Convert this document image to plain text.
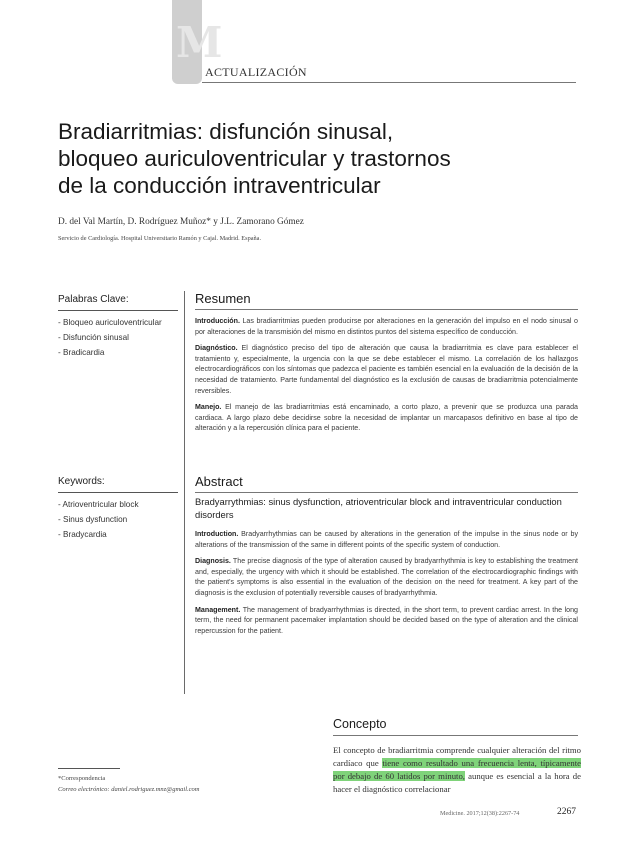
M
ACTUALIZACIÓN
Bradiarritmias: disfunción sinusal,
bloqueo auriculoventricular y trastornos
de la conducción intraventricular
D. del Val Martín, D. Rodríguez Muñoz* y J.L. Zamorano Gómez
Servicio de Cardiología. Hospital Universitario Ramón y Cajal. Madrid. España.
Palabras Clave:
- Bloqueo auriculoventricular
- Disfunción sinusal
- Bradicardia
Keywords:
- Atrioventricular block
- Sinus dysfunction
- Bradycardia
Resumen

Introducción. Las bradiarritmias pueden producirse por alteraciones en la generación del impulso en el nodo sinusal o por alteraciones de la transmisión del mismo en distintos puntos del sistema específico de conducción.

Diagnóstico. El diagnóstico preciso del tipo de alteración que causa la bradiarritmia es clave para establecer el tratamiento y, especialmente, la urgencia con la que se debe establecer el mismo. La correlación de los hallazgos electrocardiográficos con los síntomas que padezca el paciente es también esencial en la evaluación de la decisión de la necesidad de tratamiento. Parte fundamental del diagnóstico es la exclusión de causas de bradiarritmia potencialmente reversibles.

Manejo. El manejo de las bradiarritmias está encaminado, a corto plazo, a prevenir que se produzca una parada cardiaca. A largo plazo debe decidirse sobre la necesidad de implantar un marcapasos definitivo en base al tipo de alteración y a la repercusión clínica para el paciente.

Abstract
Bradyarrythmias: sinus dysfunction, atrioventricular block and intraventricular conduction disorders

Introduction. Bradyarrhythmias can be caused by alterations in the generation of the impulse in the sinus node or by alterations of the transmission of the same in different points of the specific system of conduction.

Diagnosis. The precise diagnosis of the type of alteration caused by bradyarrhythmia is key to establishing the treatment and, especially, the urgency with which it should be established. The correlation of the electrocardiographic findings with the patient's symptoms is also essential in the evaluation of the decision on the need for treatment. A key part of the diagnosis is the exclusion of potentially reversible causes of bradyarrhythmia.

Management. The management of bradyarrhythmias is directed, in the short term, to prevent cardiac arrest. In the long term, the need for permanent pacemaker implantation should be decided based on the type of alteration and the clinical repercussion for the patient.

Concepto
El concepto de bradiarritmia comprende cualquier alteración del ritmo cardíaco que tiene como resultado una frecuencia lenta, típicamente por debajo de 60 latidos por minuto, aunque es esencial a la hora de hacer el diagnóstico correlacionar
*Correspondencia
Correo electrónico: daniel.rodriguez.mnz@gmail.com
Medicine. 2017;12(38):2267-74	2267
